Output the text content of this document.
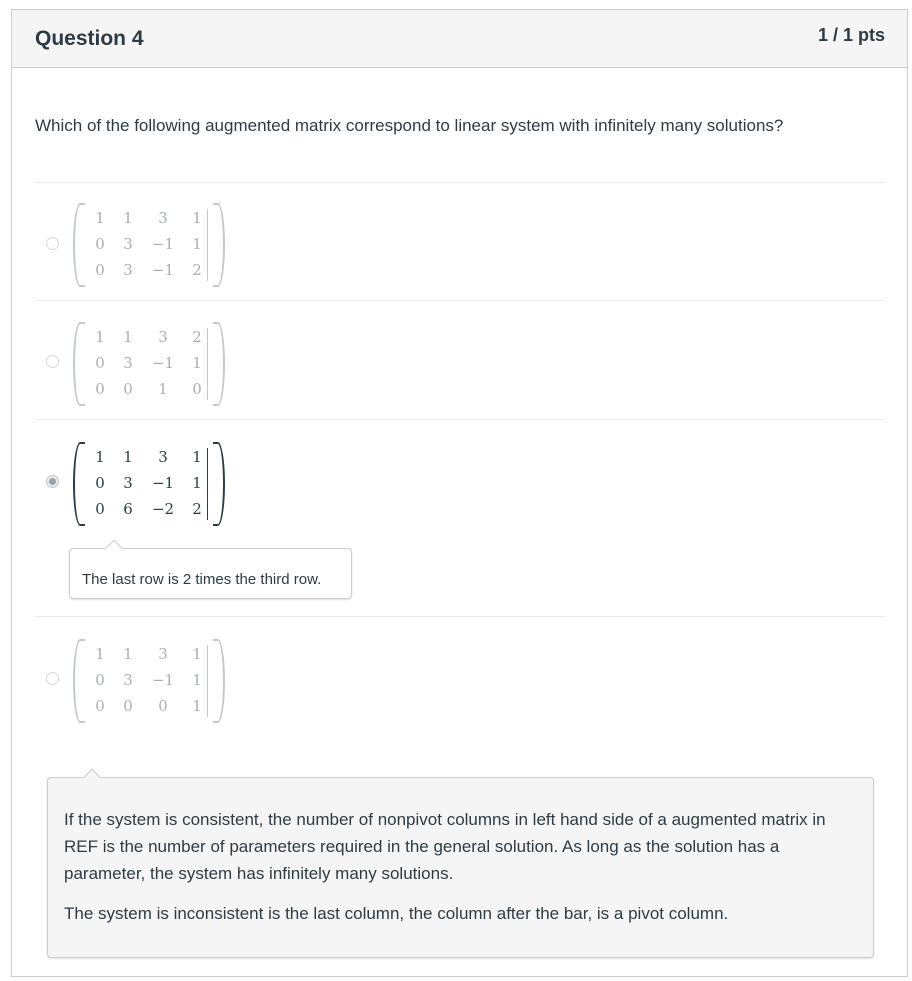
Question 4	1 / 1 pts
Which of the following augmented matrix correspond to linear system with infinitely many solutions?
1	1	3	1
0	3	−1	1
0	3	−1	2
1	1	3	2
0	3	−1	1
0	0	1	0
1	1	3	1
0	3	−1	1
0	6	−2	2

The last row is 2 times the third row.

1	1	3	1
0	3	−1	1
0	0	0	1

If the system is consistent, the number of nonpivot columns in left hand side of a augmented matrix in REF is the number of parameters required in the general solution. As long as the solution has a parameter, the system has infinitely many solutions.

The system is inconsistent is the last column, the column after the bar, is a pivot column.
